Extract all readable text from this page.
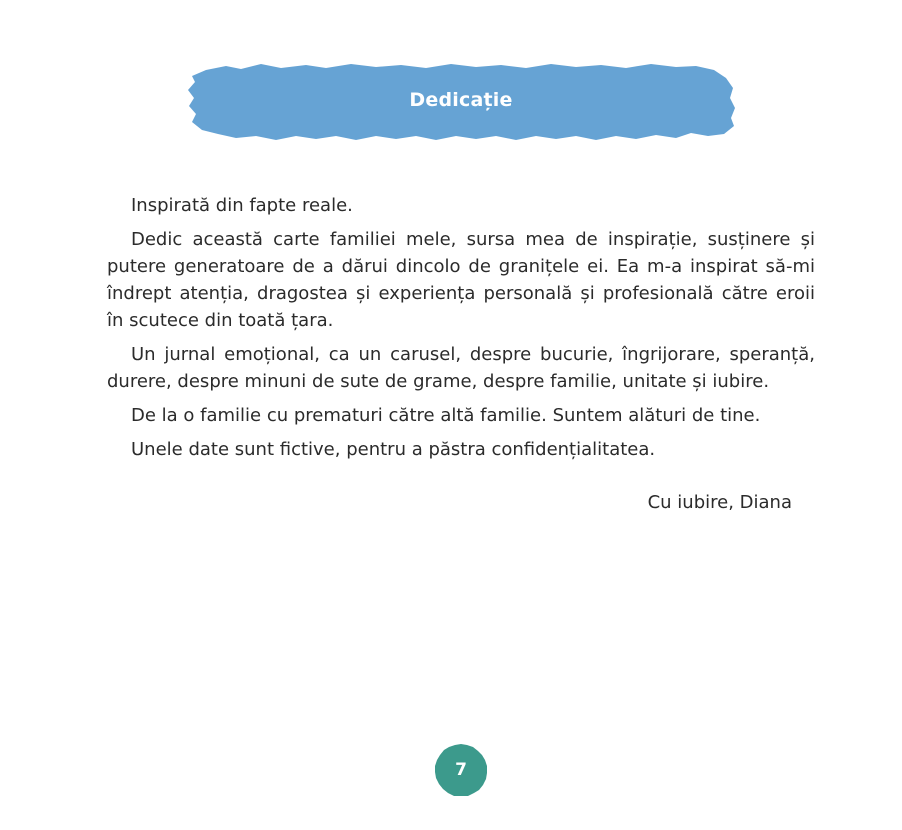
Dedicație

Inspirată din fapte reale.

Dedic această carte familiei mele, sursa mea de inspirație, susținere și putere generatoare de a dărui dincolo de granițele ei. Ea m-a inspirat să-mi îndrept atenția, dragostea și experiența personală și profesională către eroii în scutece din toată țara.

Un jurnal emoțional, ca un carusel, despre bucurie, îngrijorare, speranță, durere, despre minuni de sute de grame, despre familie, unitate și iubire.

De la o familie cu prematuri către altă familie. Suntem alături de tine.

Unele date sunt fictive, pentru a păstra confidențialitatea.

Cu iubire, Diana
7
